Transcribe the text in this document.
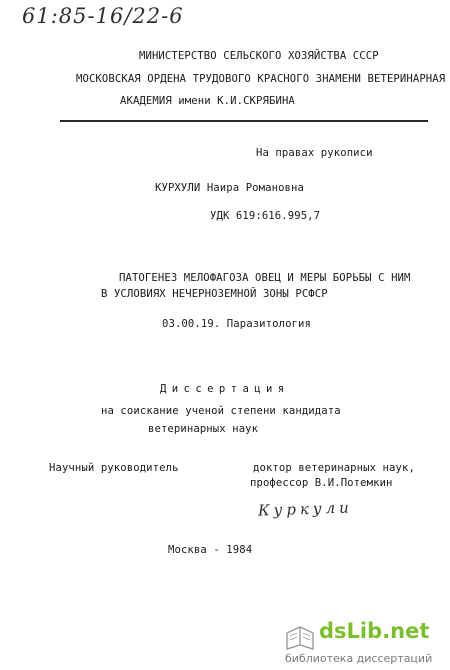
61:85-16/22-6
МИНИСТЕРСТВО СЕЛЬСКОГО ХОЗЯЙСТВА СССР
МОСКОВСКАЯ ОРДЕНА ТРУДОВОГО КРАСНОГО ЗНАМЕНИ ВЕТЕРИНАРНАЯ
АКАДЕМИЯ имени К.И.СКРЯБИНА
На правах рукописи
КУРХУЛИ Наира Романовна
УДК 619:616.995,7
ПАТОГЕНЕЗ МЕЛОФАГОЗА ОВЕЦ И МЕРЫ БОРЬБЫ С НИМ
В УСЛОВИЯХ НЕЧЕРНОЗЕМНОЙ ЗОНЫ РСФСР
03.00.19. Паразитология
Диссертация
на соискание ученой степени кандидата
ветеринарных наук
Научный руководитель	доктор ветеринарных наук,
профессор В.И.Потемкин
Куркули
Москва - 1984
dsLib.net
библиотека диссертаций
